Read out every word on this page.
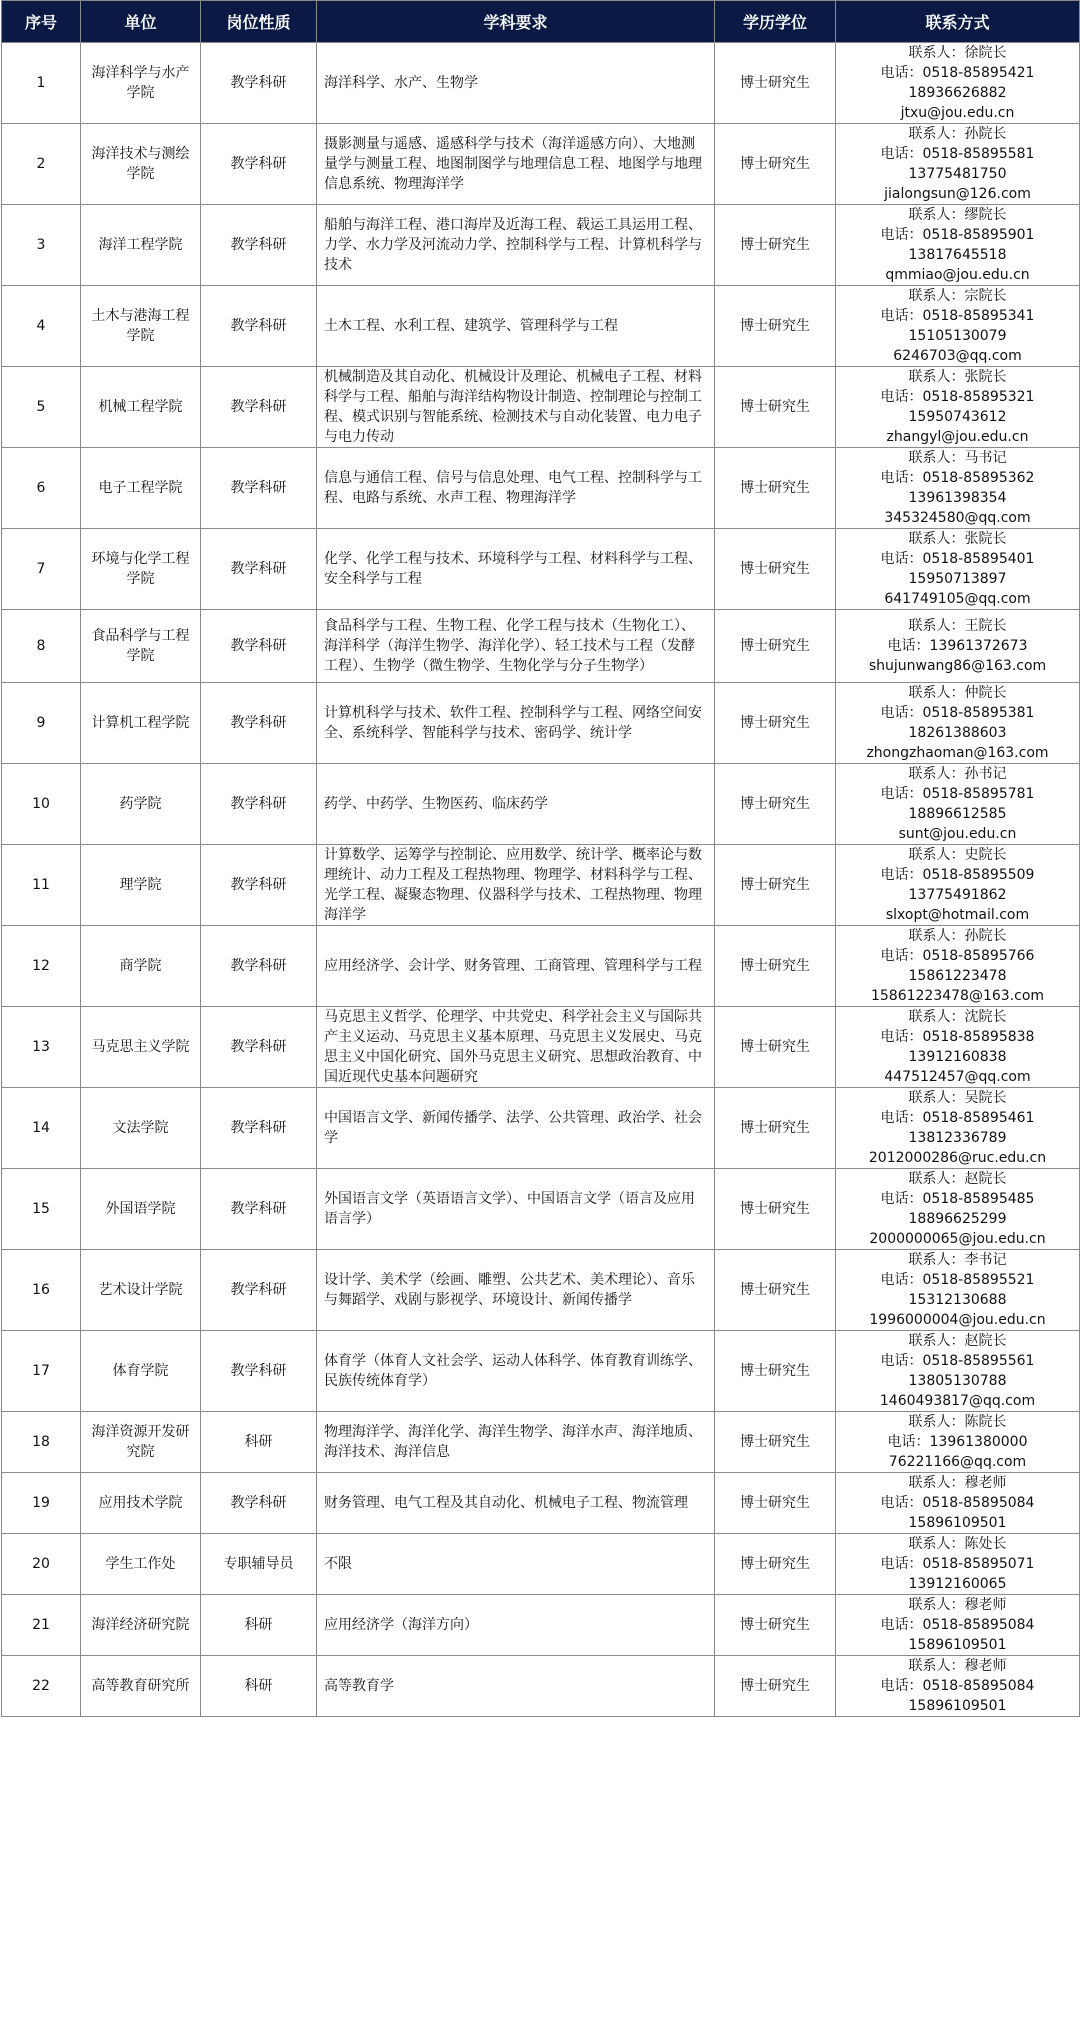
序号	单位	岗位性质	学科要求	学历学位	联系方式
1	海洋科学与水产学院	教学科研	海洋科学、水产、生物学	博士研究生	联系人：徐院长
电话：0518-85895421
18936626882
jtxu@jou.edu.cn

2	海洋技术与测绘学院	教学科研	摄影测量与遥感、遥感科学与技术（海洋遥感方向）、大地测量学与测量工程、地图制图学与地理信息工程、地图学与地理信息系统、物理海洋学	博士研究生	联系人：孙院长
电话：0518-85895581
13775481750
jialongsun@126.com

3	海洋工程学院	教学科研	船舶与海洋工程、港口海岸及近海工程、载运工具运用工程、力学、水力学及河流动力学、控制科学与工程、计算机科学与技术	博士研究生	联系人：缪院长
电话：0518-85895901
13817645518
qmmiao@jou.edu.cn

4	土木与港海工程学院	教学科研	土木工程、水利工程、建筑学、管理科学与工程	博士研究生	联系人：宗院长
电话：0518-85895341
15105130079
6246703@qq.com

5	机械工程学院	教学科研	机械制造及其自动化、机械设计及理论、机械电子工程、材料科学与工程、船舶与海洋结构物设计制造、控制理论与控制工程、模式识别与智能系统、检测技术与自动化装置、电力电子与电力传动	博士研究生	联系人：张院长
电话：0518-85895321
15950743612
zhangyl@jou.edu.cn

6	电子工程学院	教学科研	信息与通信工程、信号与信息处理、电气工程、控制科学与工程、电路与系统、水声工程、物理海洋学	博士研究生	联系人：马书记
电话：0518-85895362
13961398354
345324580@qq.com

7	环境与化学工程学院	教学科研	化学、化学工程与技术、环境科学与工程、材料科学与工程、安全科学与工程	博士研究生	联系人：张院长
电话：0518-85895401
15950713897
641749105@qq.com

8	食品科学与工程学院	教学科研	食品科学与工程、生物工程、化学工程与技术（生物化工）、海洋科学（海洋生物学、海洋化学）、轻工技术与工程（发酵工程）、生物学（微生物学、生物化学与分子生物学）	博士研究生	联系人：王院长
电话：13961372673
shujunwang86@163.com

9	计算机工程学院	教学科研	计算机科学与技术、软件工程、控制科学与工程、网络空间安全、系统科学、智能科学与技术、密码学、统计学	博士研究生	联系人：仲院长
电话：0518-85895381
18261388603
zhongzhaoman@163.com

10	药学院	教学科研	药学、中药学、生物医药、临床药学	博士研究生	联系人：孙书记
电话：0518-85895781
18896612585
sunt@jou.edu.cn

11	理学院	教学科研	计算数学、运筹学与控制论、应用数学、统计学、概率论与数理统计、动力工程及工程热物理、物理学、材料科学与工程、光学工程、凝聚态物理、仪器科学与技术、工程热物理、物理海洋学	博士研究生	联系人：史院长
电话：0518-85895509
13775491862
slxopt@hotmail.com

12	商学院	教学科研	应用经济学、会计学、财务管理、工商管理、管理科学与工程	博士研究生	联系人：孙院长
电话：0518-85895766
15861223478
15861223478@163.com

13	马克思主义学院	教学科研	马克思主义哲学、伦理学、中共党史、科学社会主义与国际共产主义运动、马克思主义基本原理、马克思主义发展史、马克思主义中国化研究、国外马克思主义研究、思想政治教育、中国近现代史基本问题研究	博士研究生	联系人：沈院长
电话：0518-85895838
13912160838
447512457@qq.com

14	文法学院	教学科研	中国语言文学、新闻传播学、法学、公共管理、政治学、社会学	博士研究生	联系人：吴院长
电话：0518-85895461
13812336789
2012000286@ruc.edu.cn

15	外国语学院	教学科研	外国语言文学（英语语言文学）、中国语言文学（语言及应用语言学）	博士研究生	联系人：赵院长
电话：0518-85895485
18896625299
2000000065@jou.edu.cn

16	艺术设计学院	教学科研	设计学、美术学（绘画、雕塑、公共艺术、美术理论）、音乐与舞蹈学、戏剧与影视学、环境设计、新闻传播学	博士研究生	联系人：李书记
电话：0518-85895521
15312130688
1996000004@jou.edu.cn

17	体育学院	教学科研	体育学（体育人文社会学、运动人体科学、体育教育训练学、民族传统体育学）	博士研究生	联系人：赵院长
电话：0518-85895561
13805130788
1460493817@qq.com

18	海洋资源开发研究院	科研	物理海洋学、海洋化学、海洋生物学、海洋水声、海洋地质、海洋技术、海洋信息	博士研究生	联系人：陈院长
电话：13961380000
76221166@qq.com

19	应用技术学院	教学科研	财务管理、电气工程及其自动化、机械电子工程、物流管理	博士研究生	联系人：穆老师
电话：0518-85895084
15896109501

20	学生工作处	专职辅导员	不限	博士研究生	联系人：陈处长
电话：0518-85895071
13912160065

21	海洋经济研究院	科研	应用经济学（海洋方向）	博士研究生	联系人：穆老师
电话：0518-85895084
15896109501

22	高等教育研究所	科研	高等教育学	博士研究生	联系人：穆老师
电话：0518-85895084
15896109501
